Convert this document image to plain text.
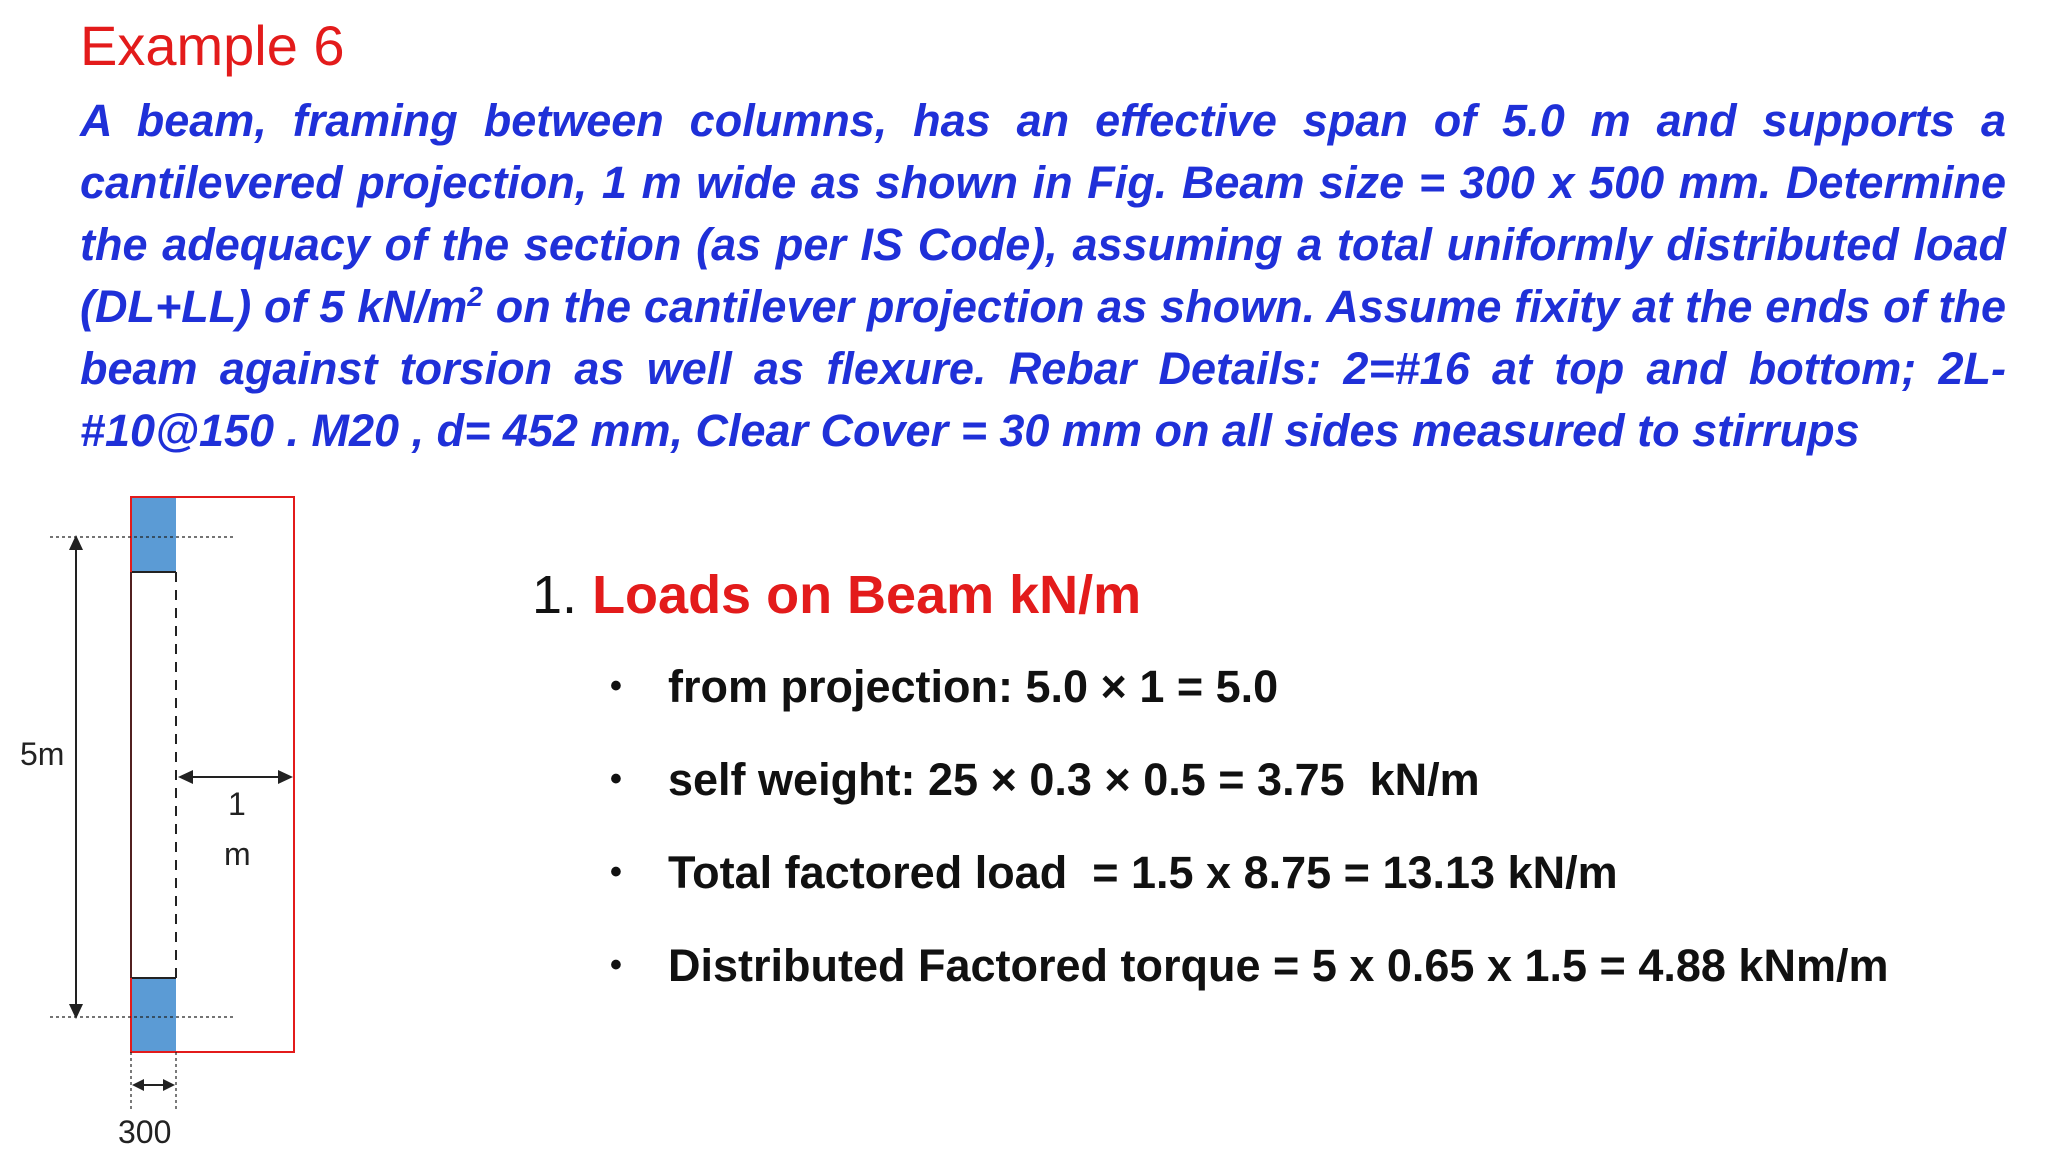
Example 6

A beam, framing between columns, has an effective span of 5.0 m and supports a cantilevered projection, 1 m wide as shown in Fig. Beam size = 300 x 500 mm. Determine the adequacy of the section (as per IS Code), assuming a total uniformly distributed load (DL+LL) of 5 $kN/m^2$ on the cantilever projection as shown. Assume fixity at the ends of the beam against torsion as well as flexure. Rebar Details: 2=#16 at top and bottom; 2L-#10@150 . M20 , d= 452 mm, Clear Cover = 30 mm on all sides measured to stirrups

5m
1
m
300
1. Loads on Beam kN/m
• from projection: 5.0 × 1 = 5.0
• self weight: 25 × 0.3 × 0.5 = 3.75  kN/m
• Total factored load  = 1.5 x 8.75 = 13.13 kN/m
• Distributed Factored torque = 5 x 0.65 x 1.5 = 4.88 kNm/m
